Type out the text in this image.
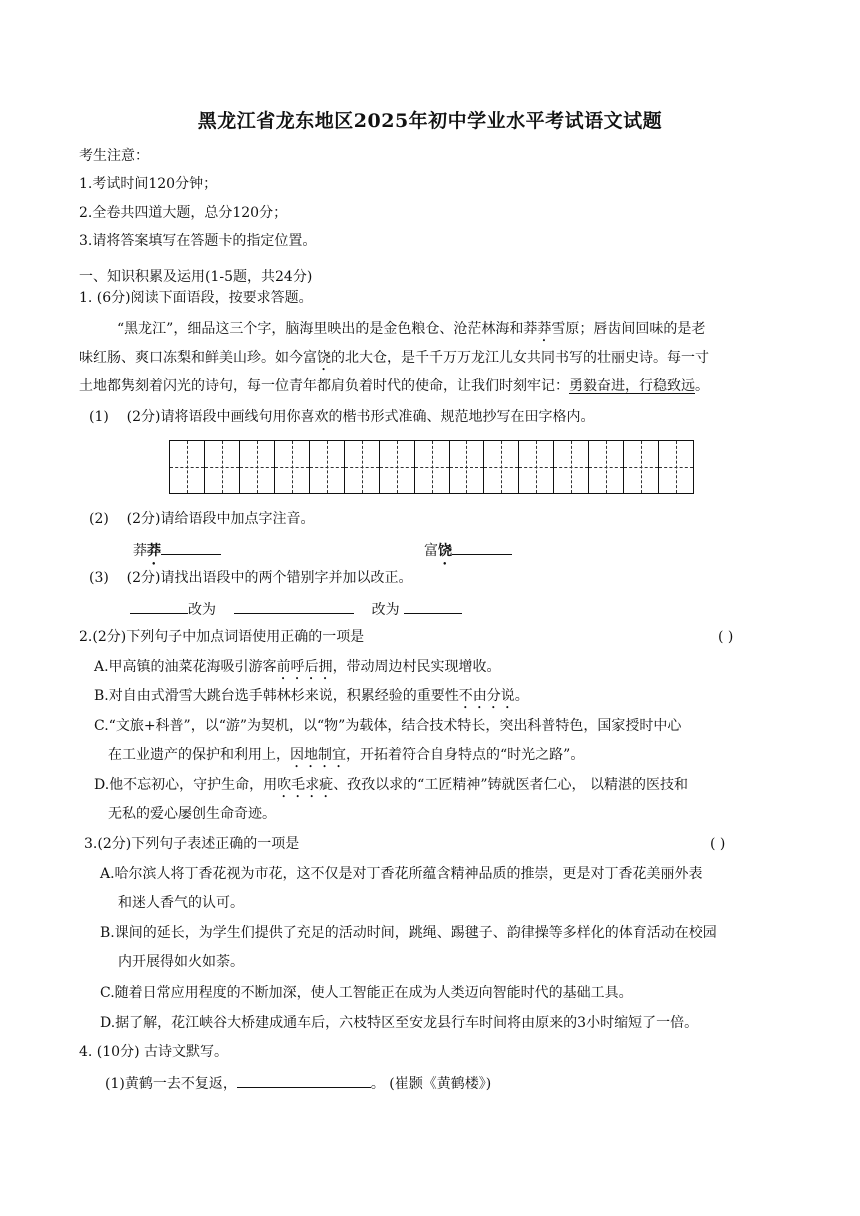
黑龙江省龙东地区2025年初中学业水平考试语文试题
考生注意：
1.考试时间120分钟；
2.全卷共四道大题，总分120分；
3.请将答案填写在答题卡的指定位置。
一、知识积累及运用(1-5题，共24分)
1. (6分)阅读下面语段，按要求答题。
“黑龙江”，细品这三个字，脑海里映出的是金色粮仓、沧茫林海和莽莽雪原；唇齿间回味的是老
味红肠、爽口冻梨和鲜美山珍。如今富饶的北大仓，是千千万万龙江儿女共同书写的壮丽史诗。每一寸
土地都隽刻着闪光的诗句，每一位青年都肩负着时代的使命，让我们时刻牢记：勇毅奋进，行稳致远。
(1) (2分)请将语段中画线句用你喜欢的楷书形式准确、规范地抄写在田字格内。
(2) (2分)请给语段中加点字注音。
莽莽	富饶
(3) (2分)请找出语段中的两个错别字并加以改正。
改为	改为
2.(2分)下列句子中加点词语使用正确的一项是	( )
A.甲高镇的油菜花海吸引游客前呼后拥，带动周边村民实现增收。
B.对自由式滑雪大跳台选手韩林杉来说，积累经验的重要性不由分说。
C.“文旅+科普”，以“游”为契机，以“物”为载体，结合技术特长，突出科普特色，国家授时中心
在工业遗产的保护和利用上，因地制宜，开拓着符合自身特点的“时光之路”。
D.他不忘初心，守护生命，用吹毛求疵、孜孜以求的“工匠精神”铸就医者仁心， 以精湛的医技和
无私的爱心屡创生命奇迹。
3.(2分)下列句子表述正确的一项是	( )
A.哈尔滨人将丁香花视为市花，这不仅是对丁香花所蕴含精神品质的推崇，更是对丁香花美丽外表
和迷人香气的认可。
B.课间的延长，为学生们提供了充足的活动时间，跳绳、踢毽子、韵律操等多样化的体育活动在校园
内开展得如火如荼。
C.随着日常应用程度的不断加深，使人工智能正在成为人类迈向智能时代的基础工具。
D.据了解，花江峡谷大桥建成通车后，六枝特区至安龙县行车时间将由原来的3小时缩短了一倍。
4. (10分) 古诗文默写。
(1)黄鹤一去不复返，	。 (崔颢《黄鹤楼》)
